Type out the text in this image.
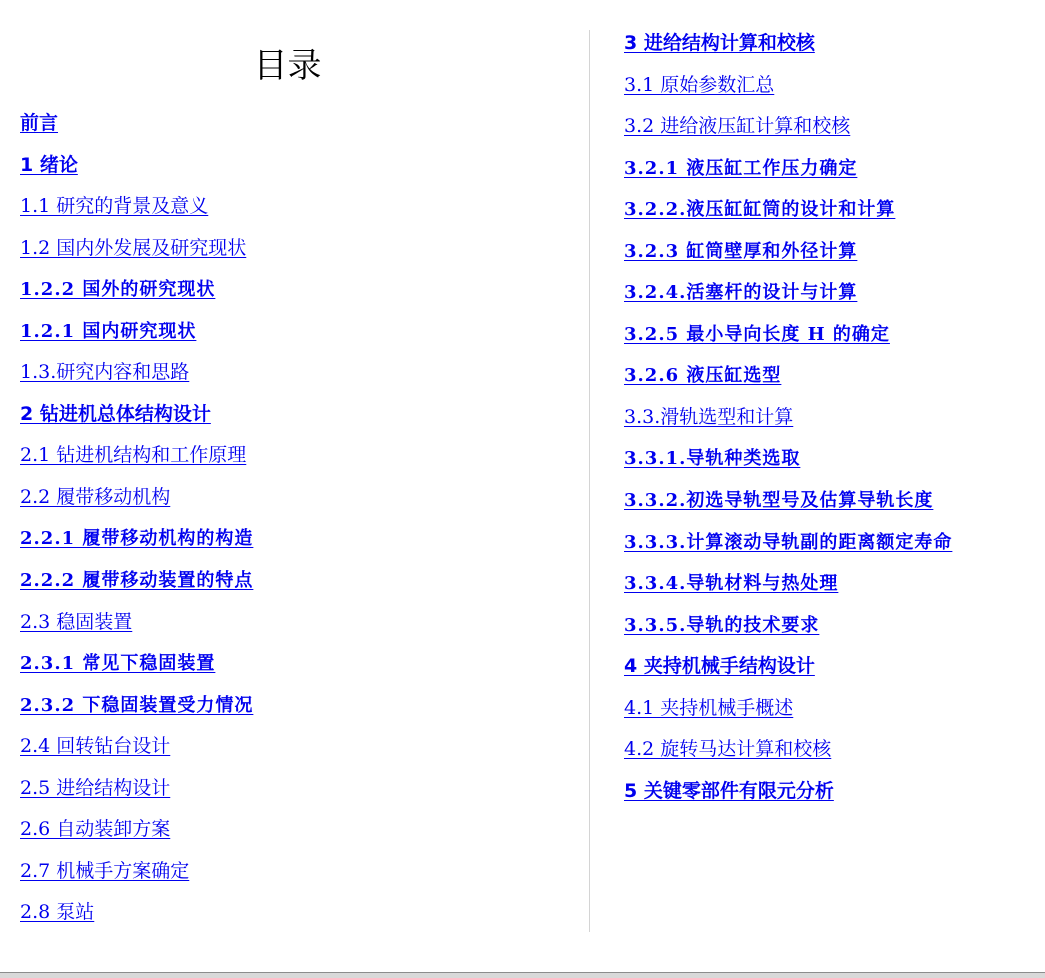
目录
前言
1 绪论
1.1 研究的背景及意义
1.2 国内外发展及研究现状
1.2.2 国外的研究现状
1.2.1 国内研究现状
1.3.研究内容和思路
2 钻进机总体结构设计
2.1 钻进机结构和工作原理
2.2 履带移动机构
2.2.1 履带移动机构的构造
2.2.2 履带移动装置的特点
2.3 稳固装置
2.3.1 常见下稳固装置
2.3.2 下稳固装置受力情况
2.4 回转钻台设计
2.5 进给结构设计
2.6 自动装卸方案
2.7 机械手方案确定
2.8 泵站
3 进给结构计算和校核
3.1 原始参数汇总
3.2 进给液压缸计算和校核
3.2.1 液压缸工作压力确定
3.2.2.液压缸缸筒的设计和计算
3.2.3 缸筒壁厚和外径计算
3.2.4.活塞杆的设计与计算
3.2.5 最小导向长度 H 的确定
3.2.6 液压缸选型
3.3.滑轨选型和计算
3.3.1.导轨种类选取
3.3.2.初选导轨型号及估算导轨长度
3.3.3.计算滚动导轨副的距离额定寿命
3.3.4.导轨材料与热处理
3.3.5.导轨的技术要求
4 夹持机械手结构设计
4.1 夹持机械手概述
4.2 旋转马达计算和校核
5 关键零部件有限元分析
